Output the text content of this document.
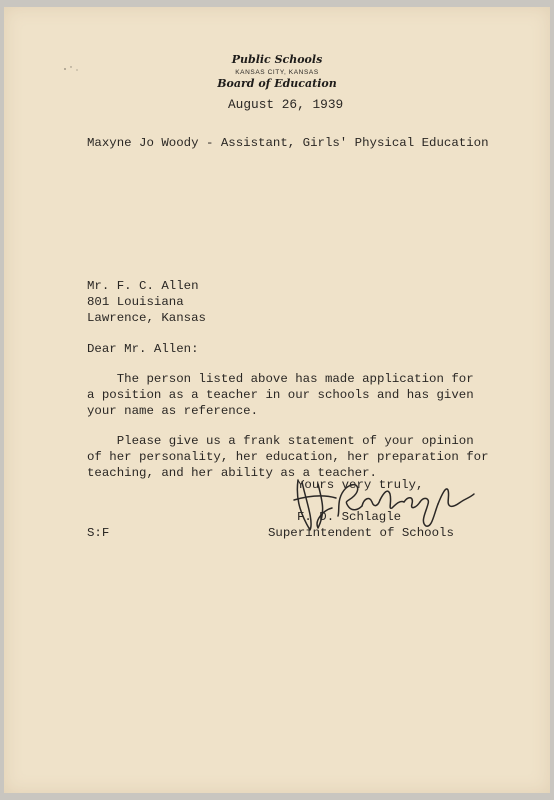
Public Schools
KANSAS CITY, KANSAS
Board of Education
August 26, 1939
Maxyne Jo Woody - Assistant, Girls' Physical Education
Mr. F. C. Allen
801 Louisiana
Lawrence, Kansas
Dear Mr. Allen:
The person listed above has made application for
a position as a teacher in our schools and has given
your name as reference.
Please give us a frank statement of your opinion
of her personality, her education, her preparation for
teaching, and her ability as a teacher.
Yours very truly,
F. D. Schlagle
Superintendent of Schools
S:F
